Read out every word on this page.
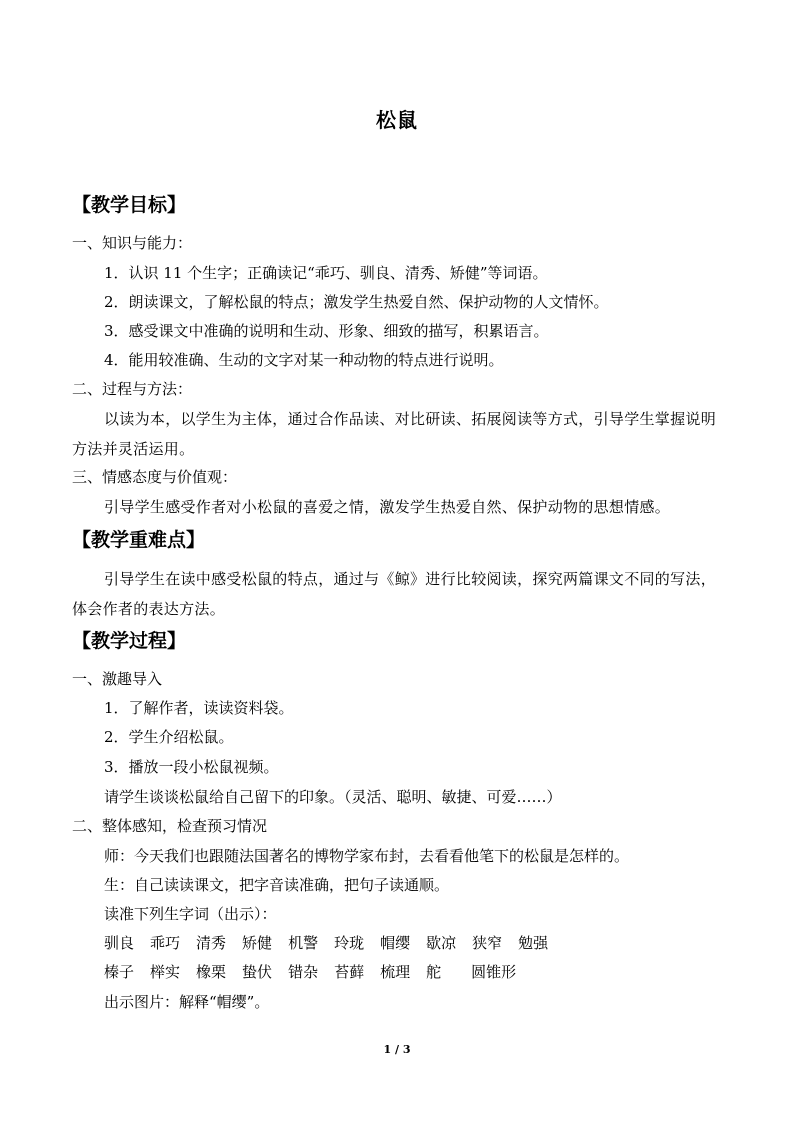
松鼠
【教学目标】
一、知识与能力：
1．认识 11 个生字；正确读记“乖巧、驯良、清秀、矫健”等词语。
2．朗读课文，了解松鼠的特点；激发学生热爱自然、保护动物的人文情怀。
3．感受课文中准确的说明和生动、形象、细致的描写，积累语言。
4．能用较准确、生动的文字对某一种动物的特点进行说明。
二、过程与方法：
以读为本，以学生为主体，通过合作品读、对比研读、拓展阅读等方式，引导学生掌握说明方法并灵活运用。
三、情感态度与价值观：
引导学生感受作者对小松鼠的喜爱之情，激发学生热爱自然、保护动物的思想情感。
【教学重难点】
引导学生在读中感受松鼠的特点，通过与《鲸》进行比较阅读，探究两篇课文不同的写法，体会作者的表达方法。
【教学过程】
一、激趣导入
1．了解作者，读读资料袋。
2．学生介绍松鼠。
3．播放一段小松鼠视频。
请学生谈谈松鼠给自己留下的印象。（灵活、聪明、敏捷、可爱……）
二、整体感知，检查预习情况
师：今天我们也跟随法国著名的博物学家布封，去看看他笔下的松鼠是怎样的。
生：自己读读课文，把字音读准确，把句子读通顺。
读准下列生字词（出示）：
驯良 乖巧 清秀 矫健 机警 玲珑 帽缨 歇凉 狭窄 勉强
榛子 榉实 橡栗 蛰伏 错杂 苔藓 梳理 舵 圆锥形
出示图片：解释“帽缨”。
1 / 3
